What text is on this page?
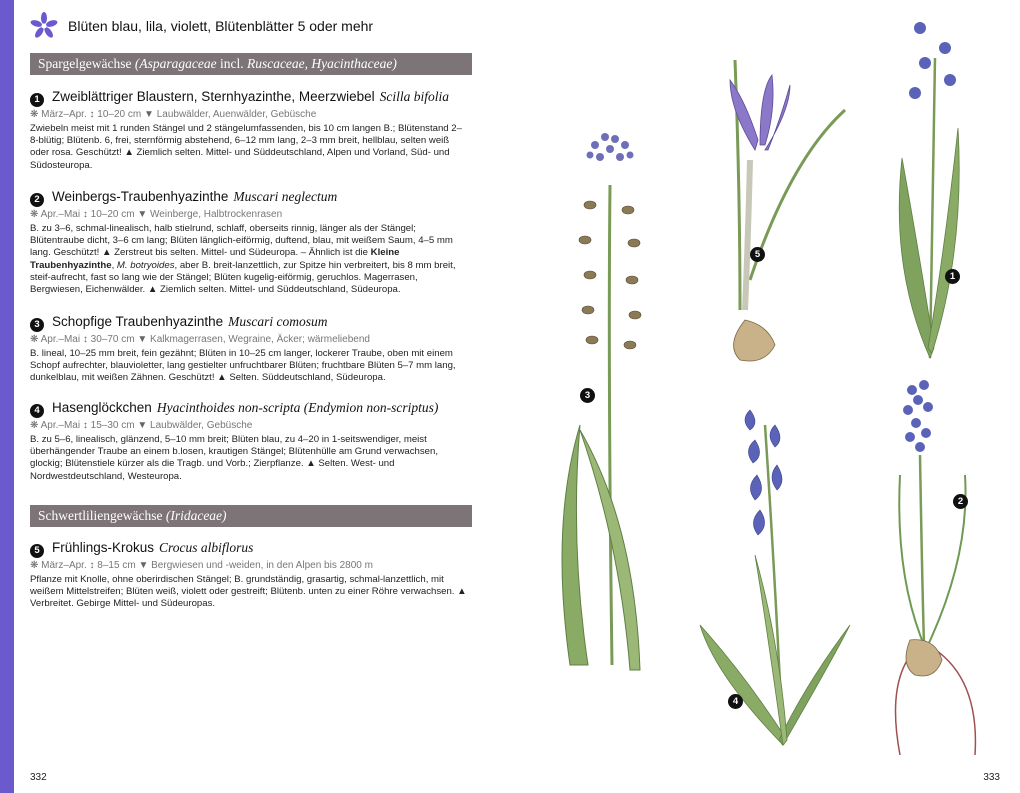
Blüten blau, lila, violett, Blütenblätter 5 oder mehr
Spargelgewächse (Asparagaceae incl. Ruscaceae, Hyacinthaceae)
1 Zweiblättriger Blaustern, Sternhyazinthe, Meerzwiebel Scilla bifolia
❋ März–Apr. ↕ 10–20 cm ▼ Laubwälder, Auenwälder, Gebüsche
Zwiebeln meist mit 1 runden Stängel und 2 stängelumfassenden, bis 10 cm langen B.; Blütenstand 2–8-blütig; Blütenb. 6, frei, sternförmig abstehend, 6–12 mm lang, 2–3 mm breit, hellblau, selten weiß oder rosa. Geschützt! ▲ Ziemlich selten. Mittel- und Süddeutschland, Alpen und Vorland, Süd- und Südosteuropa.
2 Weinbergs-Traubenhyazinthe Muscari neglectum
❋ Apr.–Mai ↕ 10–20 cm ▼ Weinberge, Halbtrockenrasen
B. zu 3–6, schmal-linealisch, halb stielrund, schlaff, oberseits rinnig, länger als der Stängel; Blütentraube dicht, 3–6 cm lang; Blüten länglich-eiförmig, duftend, blau, mit weißem Saum, 4–5 mm lang. Geschützt! ▲ Zerstreut bis selten. Mittel- und Südeuropa. – Ähnlich ist die Kleine Traubenhyazinthe, M. botryoides, aber B. breit-lanzettlich, zur Spitze hin verbreitert, bis 8 mm breit, steif-aufrecht, fast so lang wie der Stängel; Blüten kugelig-eiförmig, geruchlos. Magerrasen, Bergwiesen, Eichenwälder. ▲ Ziemlich selten. Mittel- und Süddeutschland, Südeuropa.
3 Schopfige Traubenhyazinthe Muscari comosum
❋ Apr.–Mai ↕ 30–70 cm ▼ Kalkmagerrasen, Wegraine, Äcker; wärmeliebend
B. lineal, 10–25 mm breit, fein gezähnt; Blüten in 10–25 cm langer, lockerer Traube, oben mit einem Schopf aufrechter, blauvioletter, lang gestielter unfruchtbarer Blüten; fruchtbare Blüten 5–7 mm lang, dunkelblau, mit weißen Zähnen. Geschützt! ▲ Selten. Süddeutschland, Südeuropa.
4 Hasenglöckchen Hyacinthoides non-scripta (Endymion non-scriptus)
❋ Apr.–Mai ↕ 15–30 cm ▼ Laubwälder, Gebüsche
B. zu 5–6, linealisch, glänzend, 5–10 mm breit; Blüten blau, zu 4–20 in 1-seitswendiger, meist überhängender Traube an einem b.losen, krautigen Stängel; Blütenhülle am Grund verwachsen, glockig; Blütenstiele kürzer als die Tragb. und Vorb.; Zierpflanze. ▲ Selten. West- und Nordwestdeutschland, Westeuropa.
Schwertliliengewächse (Iridaceae)
5 Frühlings-Krokus Crocus albiflorus
❋ März–Apr. ↕ 8–15 cm ▼ Bergwiesen und -weiden, in den Alpen bis 2800 m
Pflanze mit Knolle, ohne oberirdischen Stängel; B. grundständig, grasartig, schmal-lanzettlich, mit weißem Mittelstreifen; Blüten weiß, violett oder gestreift; Blütenb. unten zu einer Röhre verwachsen. ▲ Verbreitet. Gebirge Mittel- und Südeuropas.
332
3
5
1
4
2
333
